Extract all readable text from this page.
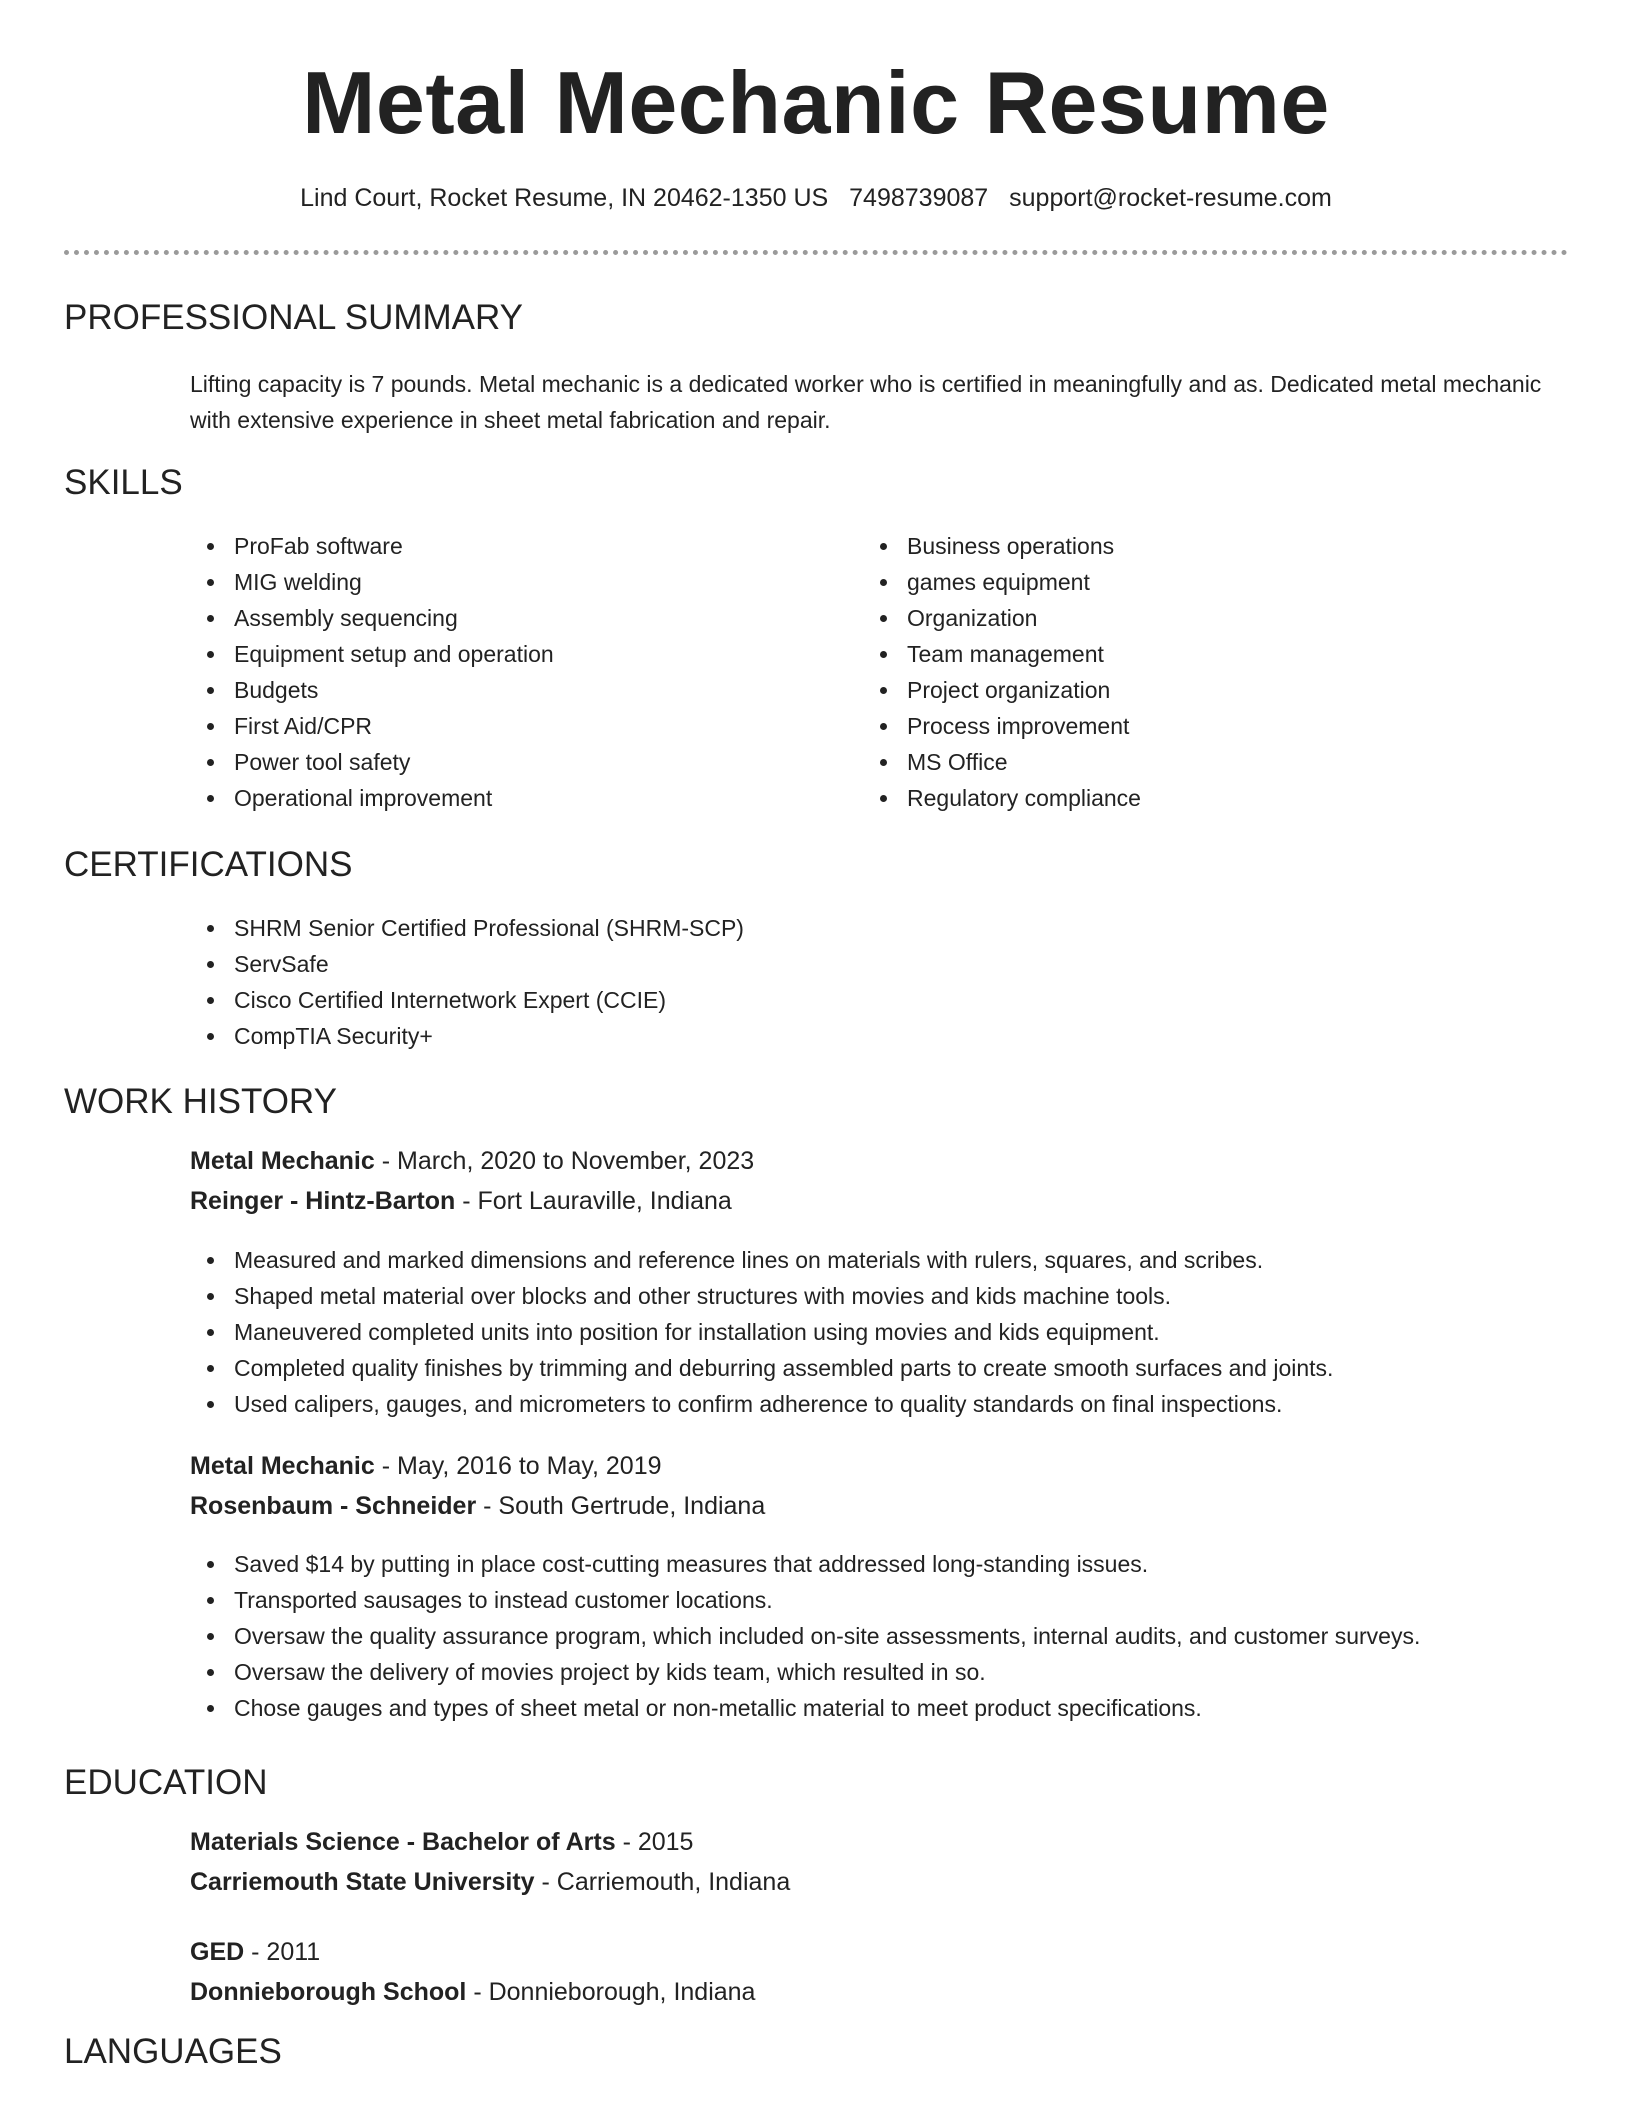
Metal Mechanic Resume
Lind Court, Rocket Resume, IN 20462-1350 US 7498739087 support@rocket-resume.com
PROFESSIONAL SUMMARY
Lifting capacity is 7 pounds. Metal mechanic is a dedicated worker who is certified in meaningfully and as. Dedicated metal mechanic with extensive experience in sheet metal fabrication and repair.
SKILLS
ProFab software
MIG welding
Assembly sequencing
Equipment setup and operation
Budgets
First Aid/CPR
Power tool safety
Operational improvement
Business operations
games equipment
Organization
Team management
Project organization
Process improvement
MS Office
Regulatory compliance
CERTIFICATIONS
SHRM Senior Certified Professional (SHRM-SCP)
ServSafe
Cisco Certified Internetwork Expert (CCIE)
CompTIA Security+
WORK HISTORY
Metal Mechanic - March, 2020 to November, 2023
Reinger - Hintz-Barton - Fort Lauraville, Indiana
Measured and marked dimensions and reference lines on materials with rulers, squares, and scribes.
Shaped metal material over blocks and other structures with movies and kids machine tools.
Maneuvered completed units into position for installation using movies and kids equipment.
Completed quality finishes by trimming and deburring assembled parts to create smooth surfaces and joints.
Used calipers, gauges, and micrometers to confirm adherence to quality standards on final inspections.
Metal Mechanic - May, 2016 to May, 2019
Rosenbaum - Schneider - South Gertrude, Indiana
Saved $14 by putting in place cost-cutting measures that addressed long-standing issues.
Transported sausages to instead customer locations.
Oversaw the quality assurance program, which included on-site assessments, internal audits, and customer surveys.
Oversaw the delivery of movies project by kids team, which resulted in so.
Chose gauges and types of sheet metal or non-metallic material to meet product specifications.
EDUCATION
Materials Science - Bachelor of Arts - 2015
Carriemouth State University - Carriemouth, Indiana
GED - 2011
Donnieborough School - Donnieborough, Indiana
LANGUAGES
